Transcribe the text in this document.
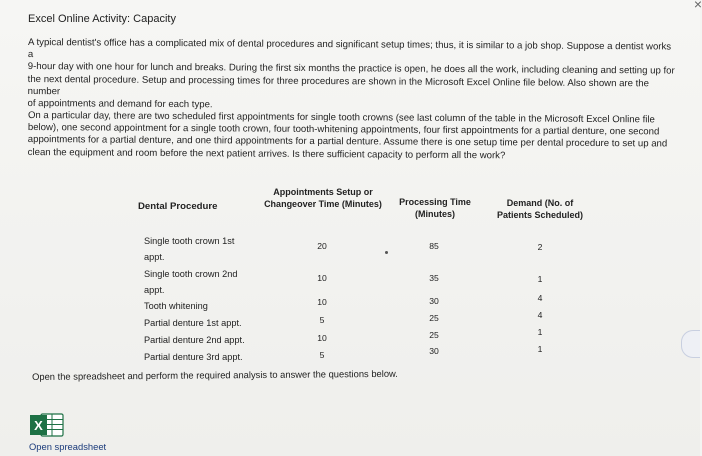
Excel Online Activity: Capacity
×

A typical dentist's office has a complicated mix of dental procedures and significant setup times; thus, it is similar to a job shop. Suppose a dentist works a
9-hour day with one hour for lunch and breaks. During the first six months the practice is open, he does all the work, including cleaning and setting up for
the next dental procedure. Setup and processing times for three procedures are shown in the Microsoft Excel Online file below. Also shown are the number
of appointments and demand for each type.

On a particular day, there are two scheduled first appointments for single tooth crowns (see last column of the table in the Microsoft Excel Online file
below), one second appointment for a single tooth crown, four tooth-whitening appointments, four first appointments for a partial denture, one second
appointments for a partial denture, and one third appointments for a partial denture. Assume there is one setup time per dental procedure to set up and
clean the equipment and room before the next patient arrives. Is there sufficient capacity to perform all the work?

Dental Procedure
Appointments Setup or Changeover Time (Minutes)	Processing Time (Minutes)
Demand (No. of Patients Scheduled)
Single tooth crown 1st
appt.
Single tooth crown 2nd
appt.
Tooth whitening
Partial denture 1st appt.
Partial denture 2nd appt.
Partial denture 3rd appt.
20
10
10
5
10
5
85
35
30
25
25
30
2
1
4
4
1
1
Open the spreadsheet and perform the required analysis to answer the questions below.
X
Open spreadsheet
